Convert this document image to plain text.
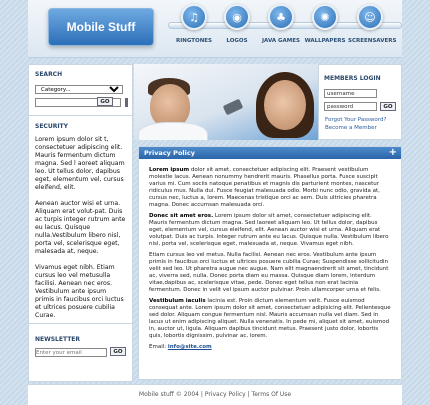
Mobile Stuff
♫
RINGTONES
◉
LOGOS
♣
JAVA GAMES
✺
WALLPAPERS
☺
SCREENSAVERS
SEARCH
Category...
SECURITY
Lorem ipsum dolor sit t, consectetuer adipiscing elit. Mauris fermentum dictum magna. Sed l aoreet aliquam leo. Ut tellus dolor, dapibus eget, elementum vel, cursus eleifend, elit.
Aenean auctor wisi et urna. Aliquam erat volut-pat. Duis ac turpis integer rutrum ante eu lacus. Quisque nulla.Vestibulum libero nisl, porta vel, scelerisque eget, malesada at, neque.
Vivamus eget nibh. Etiam cursus leo vel metusulla facilisi. Aenean nec eros. Vestibulum ante ipsum primis in faucibus orci luctus et ultrices posuere cubilia Curae.
NEWSLETTER
Enter your email
GO
GO
MEMBERS LOGIN
username
password	GO
Forgot Your Password?
Become a Member
Privacy Policy	+

Lorem ipsum dolor sit amet, consectetuer adipiscing elit. Praesent vestibulum molestie lacus. Aenean nonummy hendrerit mauris. Phasellus porta. Fusce suscipit varius mi. Cum sociis natoque penatibus et magnis dis parturient montes, nascetur ridiculus mus. Nulla dui. Fusce feugiat malesuada odio. Morbi nunc odio, gravida at, cursus nec, luctus a, lorem. Maecenas tristique orci ac sem. Duis ultricies pharetra magna. Donec accumsan malesuada orci.

Donec sit amet eros. Lorem ipsum dolor sit amet, consectetuer adipiscing elit. Mauris fermentum dictum magna. Sed laoreet aliquam leo. Ut tellus dolor, dapibus eget, elementum vel, cursus eleifend, elit. Aenean auctor wisi et urna. Aliquam erat volutpat. Duis ac turpis. Integer rutrum ante eu lacus. Quisque nulla. Vestibulum libero nisl, porta vel, scelerisque eget, malesuada at, neque. Vivamus eget nibh.

Etiam cursus leo vel metus. Nulla facilisi. Aenean nec eros. Vestibulum ante ipsum primis in faucibus orci luctus et ultrices posuere cubilia Curae; Suspendisse sollicitudin velit sed leo. Ut pharetra augue nec augue. Nam elit magnaendrerit sit amet, tincidunt ac, viverra sed, nulla. Donec porta diam eu massa. Quisque diam lorem, interdum vitae,dapibus ac, scelerisque vitae, pede. Donec eget tellus non erat lacinia fermentum. Donec in velit vel ipsum auctor pulvinar. Proin ullamcorper urna et felis.

Vestibulum iaculis lacinia est. Proin dictum elementum velit. Fusce euismod consequat ante. Lorem ipsum dolor sit amet, consectetuer adipisicing elit. Pellentesque sed dolor. Aliquam congue fermentum nisl. Mauris accumsan nulla vel diam. Sed in lacus ut enim adipiscing aliquet. Nulla venenatis. In pede mi, aliquet sit amet, euismod in, auctor ut, ligula. Aliquam dapibus tincidunt metus. Praesent justo dolor, lobortis quis, lobortis dignissim, pulvinar ac, lorem.

Email: info@site.com

Mobile stuff © 2004 | Privacy Policy | Terms Of Use
